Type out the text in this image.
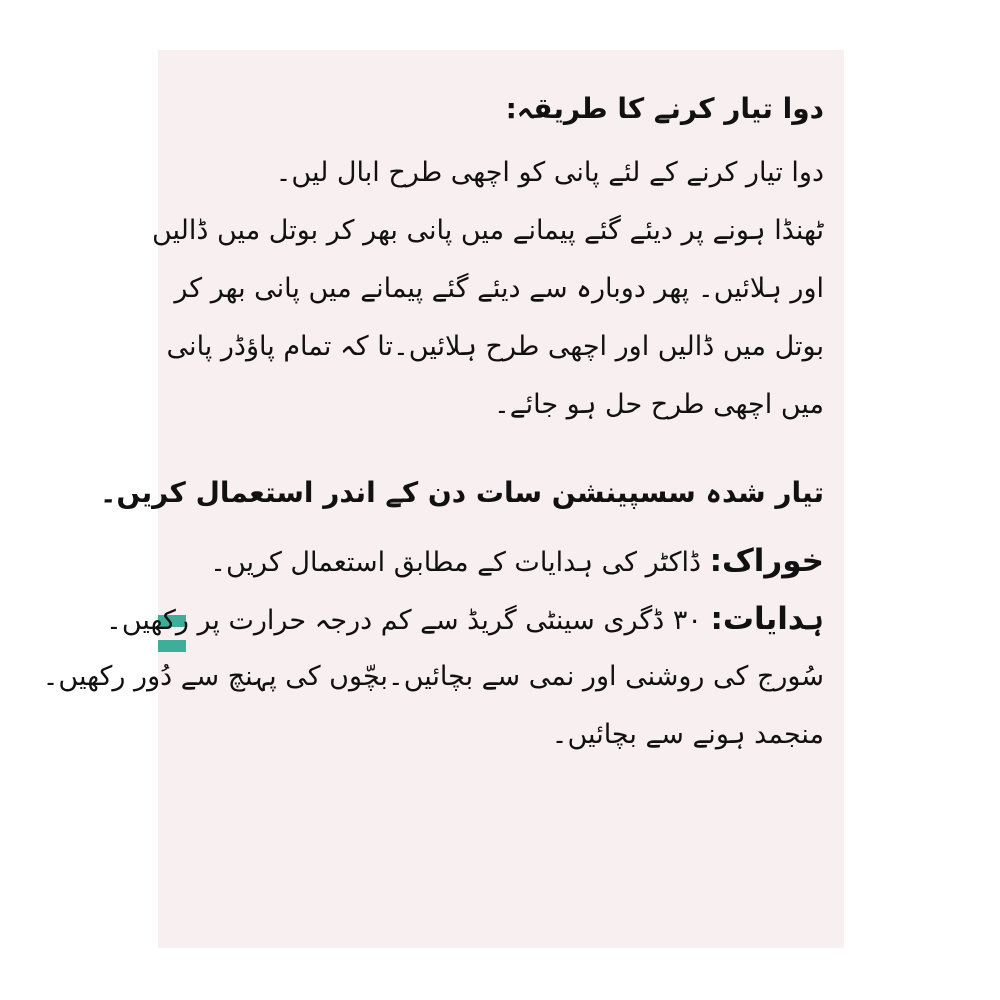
دوا تیار کرنے کا طریقہ:
دوا تیار کرنے کے لئے پانی کو اچھی طرح ابال لیں۔
ٹھنڈا ہونے پر دیئے گئے پیمانے میں پانی بھر کر بوتل میں ڈالیں
اور ہلائیں۔ پھر دوبارہ سے دیئے گئے پیمانے میں پانی بھر کر
بوتل میں ڈالیں اور اچھی طرح ہلائیں۔تا کہ تمام پاؤڈر پانی
میں اچھی طرح حل ہو جائے۔
تیار شدہ سسپینشن سات دن کے اندر استعمال کریں۔
خوراک: ڈاکٹر کی ہدایات کے مطابق استعمال کریں۔
ہدایات: ۳۰ ڈگری سینٹی گریڈ سے کم درجہ حرارت پر رکھیں۔
سُورج کی روشنی اور نمی سے بچائیں۔بچّوں کی پہنچ سے دُور رکھیں۔
منجمد ہونے سے بچائیں۔
